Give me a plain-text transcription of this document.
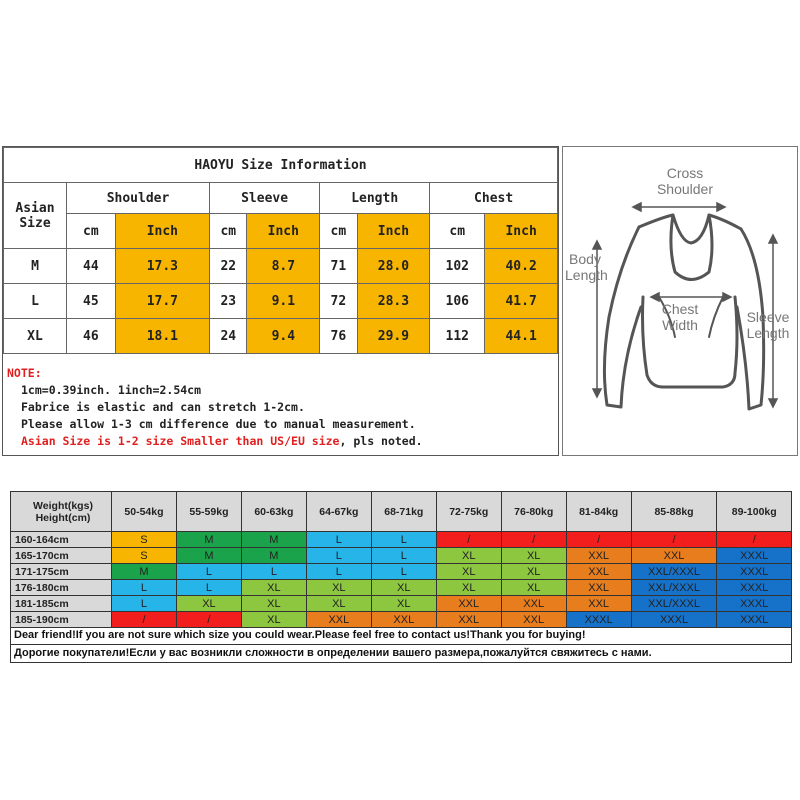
HAOYU Size Information								
Asian Size	Shoulder		Sleeve		Length		Chest	
	cm	Inch	cm	Inch	cm	Inch	cm	Inch
M	44	17.3	22	8.7	71	28.0	102	40.2
L	45	17.7	23	9.1	72	28.3	106	41.7
XL	46	18.1	24	9.4	76	29.9	112	44.1
NOTE:
1cm=0.39inch. 1inch=2.54cm
Fabrice is elastic and can stretch 1-2cm.
Please allow 1-3 cm difference due to manual measurement.
Asian Size is 1-2 size Smaller than US/EU size, pls noted.
Cross Shoulder
Body Length
Chest Width	Sleeve Length
Weight(kgs)
Height(cm)	50-54kg	55-59kg	60-63kg	64-67kg	68-71kg	72-75kg	76-80kg	81-84kg	85-88kg	89-100kg
160-164cm	S	M	M	L	L	/	/	/	/	/
165-170cm	S	M	M	L	L	XL	XL	XXL	XXL	XXXL
171-175cm	M	L	L	L	L	XL	XL	XXL	XXL/XXXL	XXXL
176-180cm	L	L	XL	XL	XL	XL	XL	XXL	XXL/XXXL	XXXL
181-185cm	L	XL	XL	XL	XL	XXL	XXL	XXL	XXL/XXXL	XXXL
185-190cm	/	/	XL	XXL	XXL	XXL	XXL	XXXL	XXXL	XXXL
Dear friend!If you are not sure which size you could wear.Please feel free to contact us!Thank you for buying!
Дорогие покупатели!Если у вас возникли сложности в определении вашего размера,пожалуйтся свяжитесь с нами.
